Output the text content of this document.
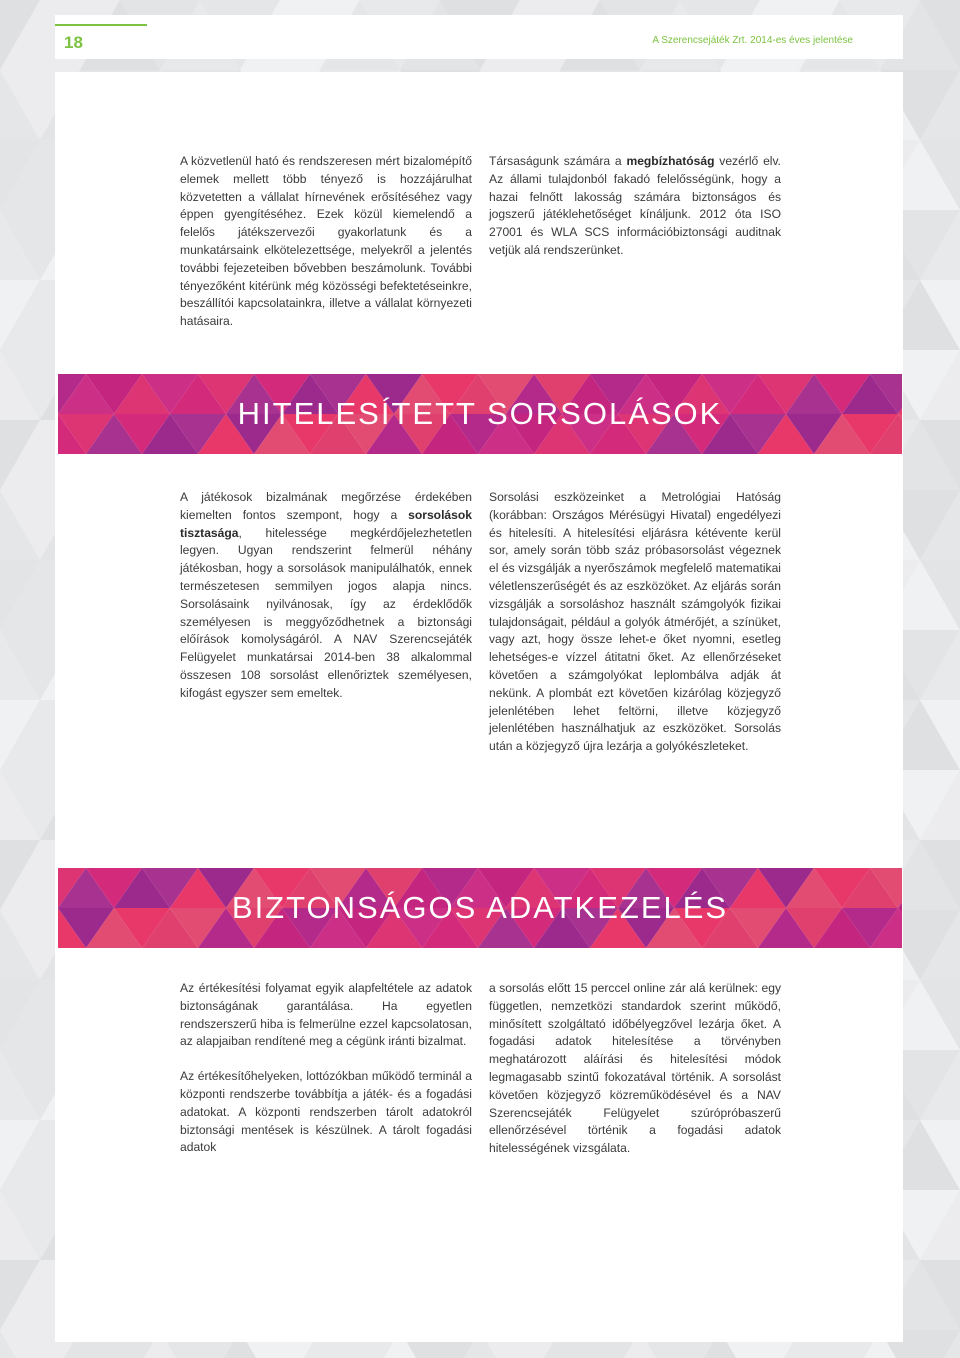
18	A Szerencsejáték Zrt. 2014-es éves jelentése

A közvetlenül ható és rendszeresen mért bizalomépítő elemek mellett több tényező is hozzájárulhat közvetetten a vállalat hírnevének erősítéséhez vagy éppen gyengítéséhez. Ezek közül kiemelendő a felelős játékszervezői gyakorlatunk és a munkatársaink elkötelezettsége, melyekről a jelentés további fejezeteiben bővebben beszámolunk. További tényezőként kitérünk még közösségi befektetéseinkre, beszállítói kapcsolatainkra, illetve a vállalat környezeti hatásaira.

Társaságunk számára a megbízhatóság vezérlő elv. Az állami tulajdonból fakadó felelősségünk, hogy a hazai felnőtt lakosság számára biztonságos és jogszerű játéklehetőséget kínáljunk. 2012 óta ISO 27001 és WLA SCS információbiztonsági auditnak vetjük alá rendszerünket.

HITELESÍTETT SORSOLÁSOK

A játékosok bizalmának megőrzése érdekében kiemelten fontos szempont, hogy a sorsolások tisztasága, hitelessége megkérdőjelezhetetlen legyen. Ugyan rendszerint felmerül néhány játékosban, hogy a sorsolások manipulálhatók, ennek természetesen semmilyen jogos alapja nincs. Sorsolásaink nyilvánosak, így az érdeklődők személyesen is meggyőződhetnek a biztonsági előírások komolyságáról. A NAV Szerencsejáték Felügyelet munkatársai 2014-ben 38 alkalommal összesen 108 sorsolást ellenőriztek személyesen, kifogást egyszer sem emeltek.

Sorsolási eszközeinket a Metrológiai Hatóság (korábban: Országos Mérésügyi Hivatal) engedélyezi és hitelesíti. A hitelesítési eljárásra kétévente kerül sor, amely során több száz próbasorsolást végeznek el és vizsgálják a nyerőszámok megfelelő matematikai véletlenszerűségét és az eszközöket. Az eljárás során vizsgálják a sorsoláshoz használt számgolyók fizikai tulajdonságait, például a golyók átmérőjét, a színüket, vagy azt, hogy össze lehet-e őket nyomni, esetleg lehetséges-e vízzel átitatni őket. Az ellenőrzéseket követően a számgolyókat leplombálva adják át nekünk. A plombát ezt követően kizárólag közjegyző jelenlétében lehet feltörni, illetve közjegyző jelenlétében használhatjuk az eszközöket. Sorsolás után a közjegyző újra lezárja a golyókészleteket.

BIZTONSÁGOS ADATKEZELÉS

Az értékesítési folyamat egyik alapfeltétele az adatok biztonságának garantálása. Ha egyetlen rendszerszerű hiba is felmerülne ezzel kapcsolatosan, az alapjaiban rendítené meg a cégünk iránti bizalmat.

Az értékesítőhelyeken, lottózókban működő terminál a központi rendszerbe továbbítja a játék- és a fogadási adatokat. A központi rendszerben tárolt adatokról biztonsági mentések is készülnek. A tárolt fogadási adatok

a sorsolás előtt 15 perccel online zár alá kerülnek: egy független, nemzetközi standardok szerint működő, minősített szolgáltató időbélyegzővel lezárja őket. A fogadási adatok hitelesítése a törvényben meghatározott aláírási és hitelesítési módok legmagasabb szintű fokozatával történik. A sorsolást követően közjegyző közreműködésével és a NAV Szerencsejáték Felügyelet szúrópróbaszerű ellenőrzésével történik a fogadási adatok hitelességének vizsgálata.
